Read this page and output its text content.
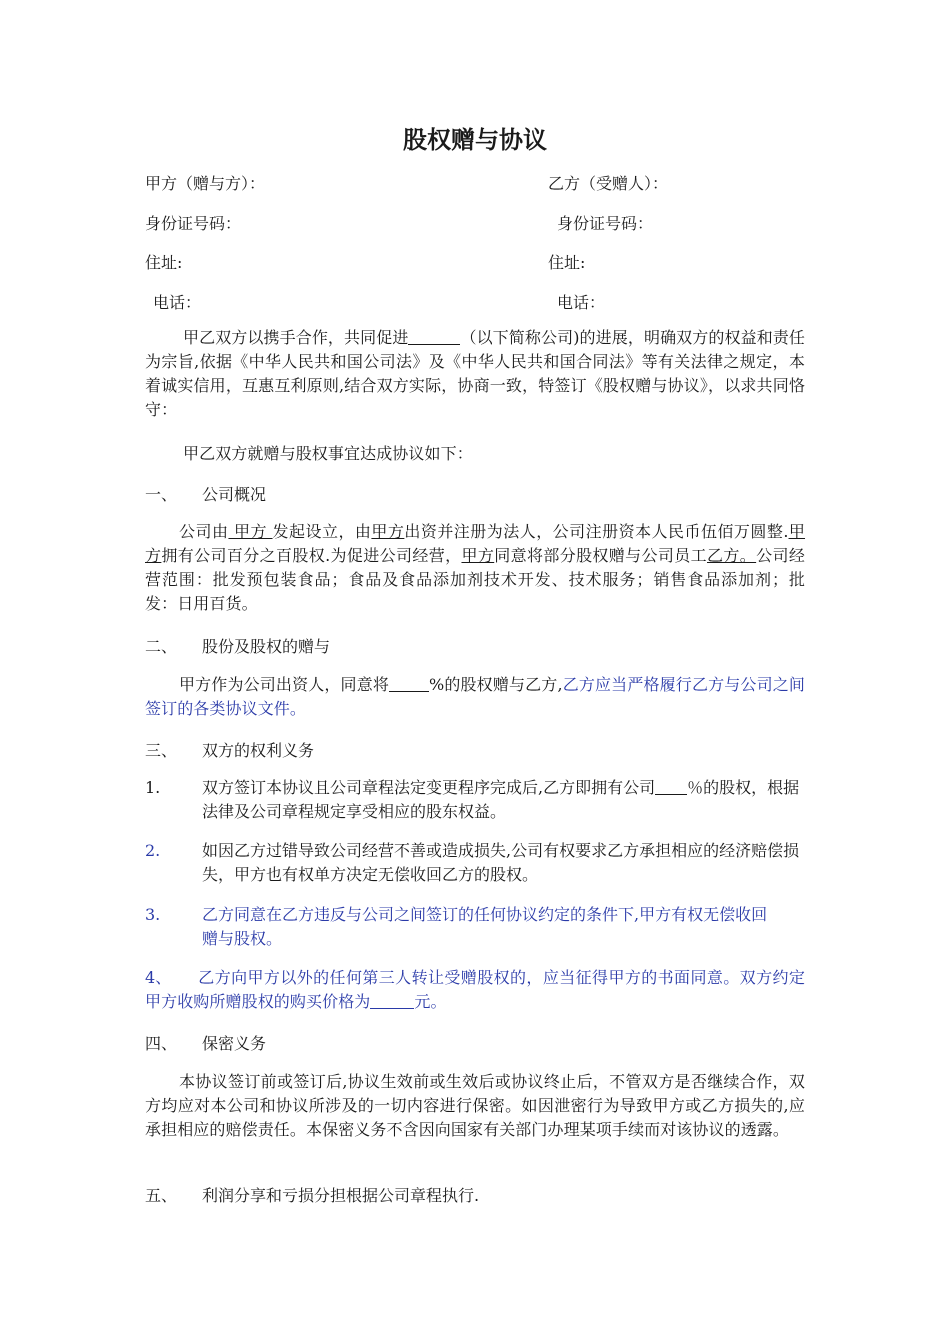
股权赠与协议
甲方（赠与方）：	乙方（受赠人）：
身份证号码：	身份证号码：
住址:	住址:
电话：	电话：

甲乙双方以携手合作，共同促进	（以下简称公司)的进展，明确双方的权益和责任为宗旨,依据《中华人民共和国公司法》及《中华人民共和国合同法》等有关法律之规定，本着诚实信用，互惠互利原则,结合双方实际，协商一致，特签订《股权赠与协议》，以求共同恪守：

甲乙双方就赠与股权事宜达成协议如下：

一、 公司概况

公司由 甲方 发起设立，由甲方出资并注册为法人，公司注册资本人民币伍佰万圆整.甲方拥有公司百分之百股权.为促进公司经营，甲方同意将部分股权赠与公司员工乙方。公司经营范围：批发预包装食品；食品及食品添加剂技术开发、技术服务；销售食品添加剂；批发：日用百货。

二、 股份及股权的赠与

甲方作为公司出资人，同意将	%的股权赠与乙方,乙方应当严格履行乙方与公司之间签订的各类协议文件。

三、 双方的权利义务
1.	双方签订本协议且公司章程法定变更程序完成后,乙方即拥有公司 ％的股权，根据法律及公司章程规定享受相应的股东权益。
2.	如因乙方过错导致公司经营不善或造成损失,公司有权要求乙方承担相应的经济赔偿损失，甲方也有权单方决定无偿收回乙方的股权。
3.	乙方同意在乙方违反与公司之间签订的任何协议约定的条件下,甲方有权无偿收回赠与股权。
4、 乙方向甲方以外的任何第三人转让受赠股权的，应当征得甲方的书面同意。双方约定甲方收购所赠股权的购买价格为	元。
四、 保密义务

本协议签订前或签订后,协议生效前或生效后或协议终止后，不管双方是否继续合作，双方均应对本公司和协议所涉及的一切内容进行保密。如因泄密行为导致甲方或乙方损失的,应承担相应的赔偿责任。本保密义务不含因向国家有关部门办理某项手续而对该协议的透露。

五、 利润分享和亏损分担根据公司章程执行.
